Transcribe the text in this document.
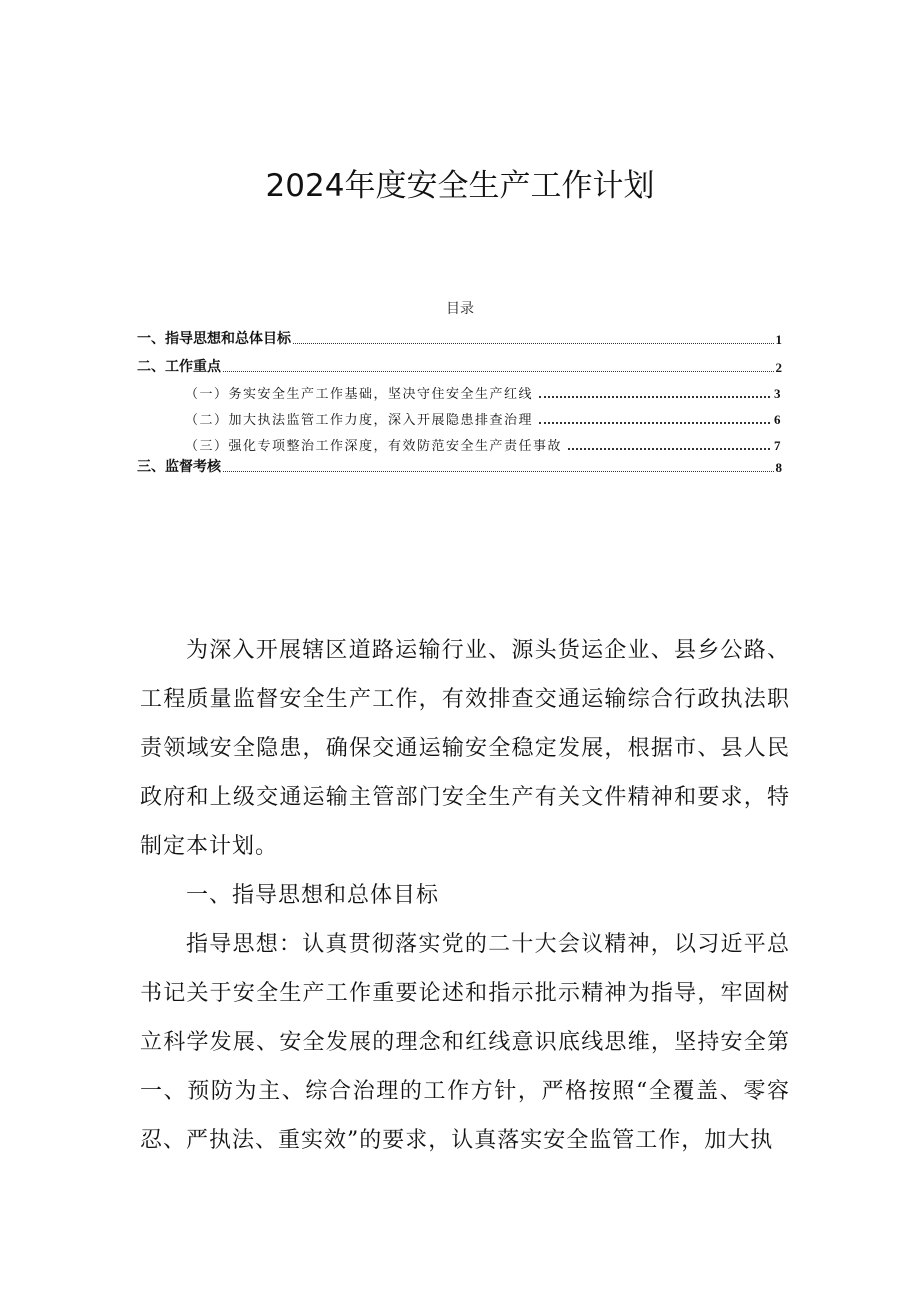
2024年度安全生产工作计划
目录
一、指导思想和总体目标	1
二、工作重点	2
（一）务实安全生产工作基础，坚决守住安全生产红线	3
（二）加大执法监管工作力度，深入开展隐患排查治理	6
（三）强化专项整治工作深度，有效防范安全生产责任事故	7
三、监督考核	8

为深入开展辖区道路运输行业、源头货运企业、县乡公路、工程质量监督安全生产工作，有效排查交通运输综合行政执法职责领域安全隐患，确保交通运输安全稳定发展，根据市、县人民政府和上级交通运输主管部门安全生产有关文件精神和要求，特制定本计划。

一、指导思想和总体目标

指导思想：认真贯彻落实党的二十大会议精神，以习近平总书记关于安全生产工作重要论述和指示批示精神为指导，牢固树立科学发展、安全发展的理念和红线意识底线思维，坚持安全第一、预防为主、综合治理的工作方针，严格按照“全覆盖、零容忍、严执法、重实效”的要求，认真落实安全监管工作，加大执
